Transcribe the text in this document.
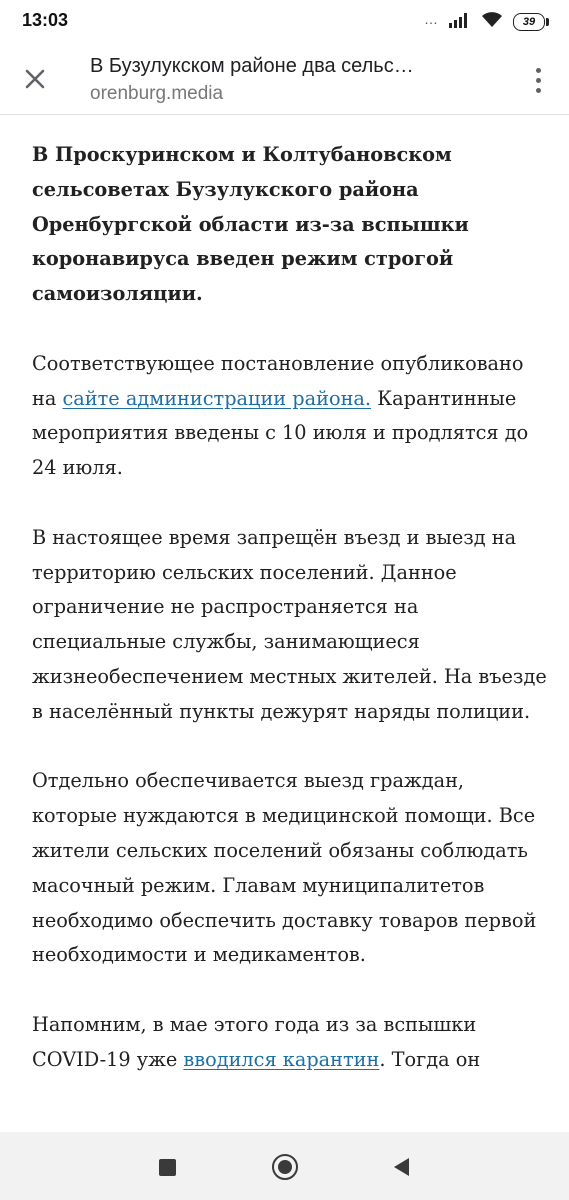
13:03	…	39
В Бузулукском районе два сельс…
orenburg.media

В Проскуринском и Колтубановском сельсоветах Бузулукского района Оренбургской области из-за вспышки коронавируса введен режим строгой самоизоляции.

Соответствующее постановление опубликовано на сайте администрации района. Карантинные мероприятия введены с 10 июля и продлятся до 24 июля.

В настоящее время запрещён въезд и выезд на территорию сельских поселений. Данное ограничение не распространяется на специальные службы, занимающиеся жизнеобеспечением местных жителей. На въезде в населённый пункты дежурят наряды полиции.

Отдельно обеспечивается выезд граждан, которые нуждаются в медицинской помощи. Все жители сельских поселений обязаны соблюдать масочный режим. Главам муниципалитетов необходимо обеспечить доставку товаров первой необходимости и медикаментов.

Напомним, в мае этого года из за вспышки COVID-19 уже вводился карантин. Тогда он
